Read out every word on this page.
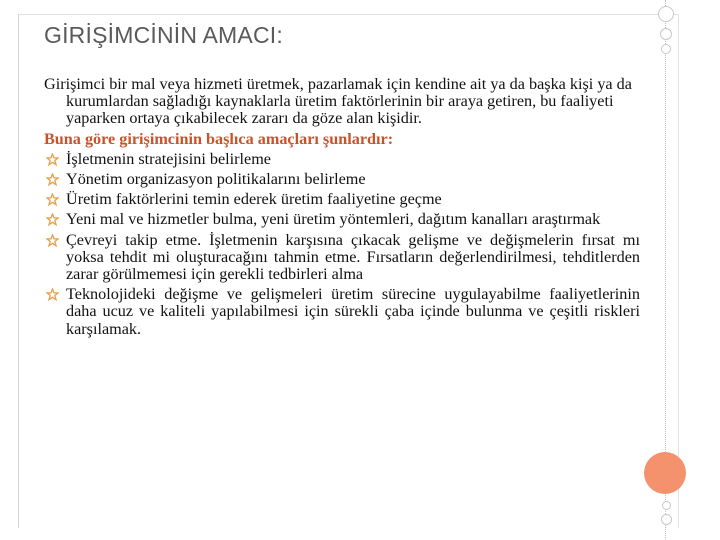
GİRİŞİMCİNİN AMACI:

Girişimci bir mal veya hizmeti üretmek, pazarlamak için kendine ait ya da başka kişi ya da kurumlardan sağladığı kaynaklarla üretim faktörlerinin bir araya getiren, bu faaliyeti yaparken ortaya çıkabilecek zararı da göze alan kişidir.

Buna göre girişimcinin başlıca amaçları şunlardır:

İşletmenin stratejisini belirleme
Yönetim organizasyon politikalarını belirleme
Üretim faktörlerini temin ederek üretim faaliyetine geçme
Yeni mal ve hizmetler bulma, yeni üretim yöntemleri, dağıtım kanalları araştırmak
Çevreyi takip etme. İşletmenin karşısına çıkacak gelişme ve değişmelerin fırsat mı yoksa tehdit mi oluşturacağını tahmin etme. Fırsatların değerlendirilmesi, tehditlerden zarar görülmemesi için gerekli tedbirleri alma
Teknolojideki değişme ve gelişmeleri üretim sürecine uygulayabilme faaliyetlerinin daha ucuz ve kaliteli yapılabilmesi için sürekli çaba içinde bulunma ve çeşitli riskleri karşılamak.
